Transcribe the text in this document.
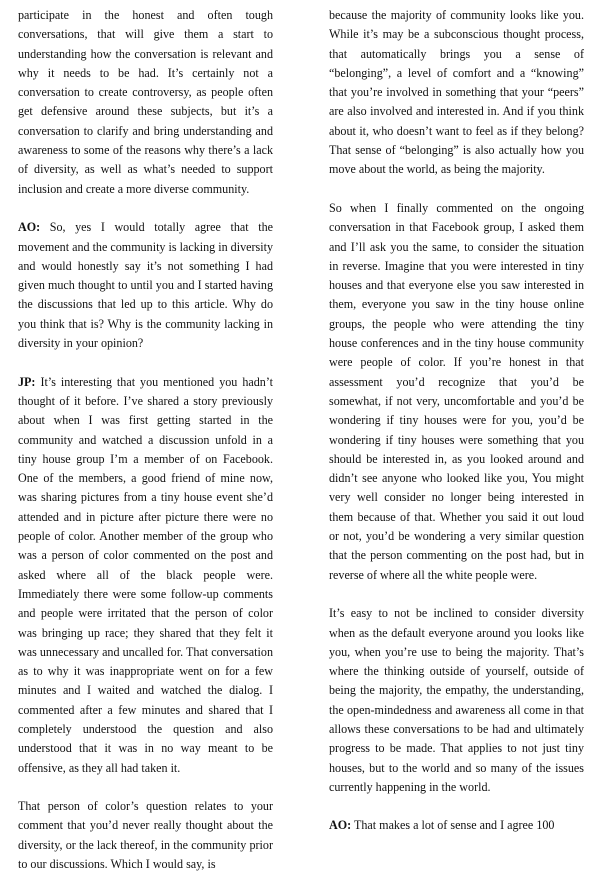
participate in the honest and often tough conversations, that will give them a start to understanding how the conversation is relevant and why it needs to be had. It’s certainly not a conversation to create controversy, as people often get defensive around these subjects, but it’s a conversation to clarify and bring understanding and awareness to some of the reasons why there’s a lack of diversity, as well as what’s needed to support inclusion and create a more diverse community.

AO: So, yes I would totally agree that the movement and the community is lacking in diversity and would honestly say it’s not something I had given much thought to until you and I started having the discussions that led up to this article. Why do you think that is? Why is the community lacking in diversity in your opinion?

JP: It’s interesting that you mentioned you hadn’t thought of it before. I’ve shared a story previously about when I was first getting started in the community and watched a discussion unfold in a tiny house group I’m a member of on Facebook. One of the members, a good friend of mine now, was sharing pictures from a tiny house event she’d attended and in picture after picture there were no people of color. Another member of the group who was a person of color commented on the post and asked where all of the black people were. Immediately there were some follow-up comments and people were irritated that the person of color was bringing up race; they shared that they felt it was unnecessary and uncalled for. That conversation as to why it was inappropriate went on for a few minutes and I waited and watched the dialog. I commented after a few minutes and shared that I completely understood the question and also understood that it was in no way meant to be offensive, as they all had taken it.

That person of color’s question relates to your comment that you’d never really thought about the diversity, or the lack thereof, in the community prior to our discussions. Which I would say, is

because the majority of community looks like you. While it’s may be a subconscious thought process, that automatically brings you a sense of “belonging”, a level of comfort and a “knowing” that you’re involved in something that your “peers” are also involved and interested in. And if you think about it, who doesn’t want to feel as if they belong? That sense of “belonging” is also actually how you move about the world, as being the majority.

So when I finally commented on the ongoing conversation in that Facebook group, I asked them and I’ll ask you the same, to consider the situation in reverse. Imagine that you were interested in tiny houses and that everyone else you saw interested in them, everyone you saw in the tiny house online groups, the people who were attending the tiny house conferences and in the tiny house community were people of color. If you’re honest in that assessment you’d recognize that you’d be somewhat, if not very, uncomfortable and you’d be wondering if tiny houses were for you, you’d be wondering if tiny houses were something that you should be interested in, as you looked around and didn’t see anyone who looked like you, You might very well consider no longer being interested in them because of that. Whether you said it out loud or not, you’d be wondering a very similar question that the person commenting on the post had, but in reverse of where all the white people were.

It’s easy to not be inclined to consider diversity when as the default everyone around you looks like you, when you’re use to being the majority. That’s where the thinking outside of yourself, outside of being the majority, the empathy, the understanding, the open-mindedness and awareness all come in that allows these conversations to be had and ultimately progress to be made. That applies to not just tiny houses, but to the world and so many of the issues currently happening in the world.

AO: That makes a lot of sense and I agree 100
